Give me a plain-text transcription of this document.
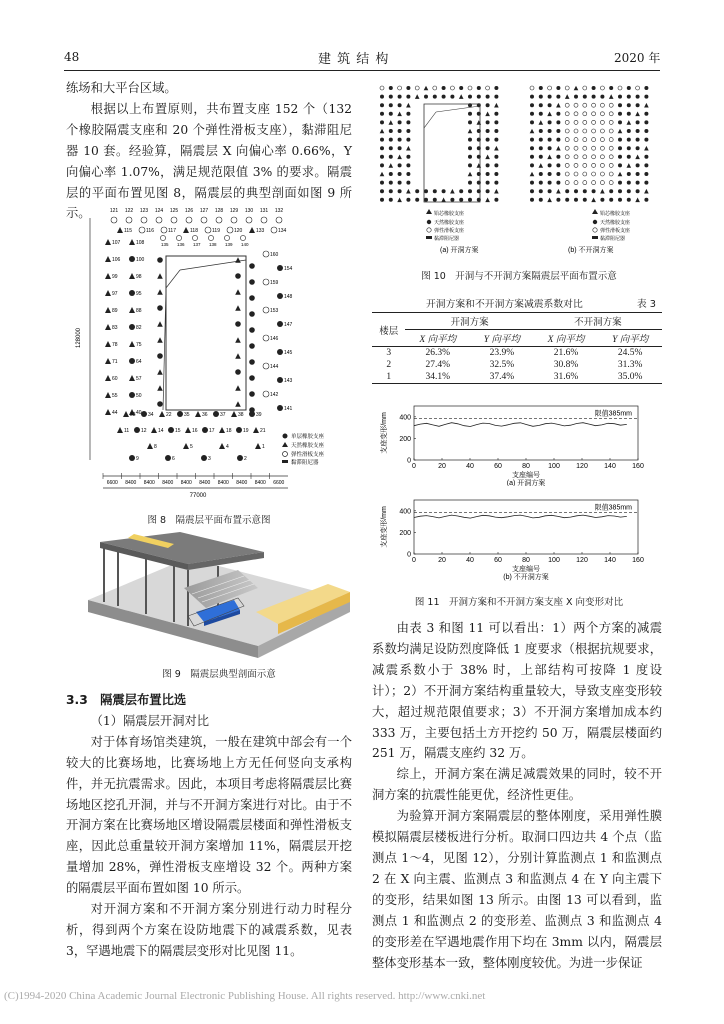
48	建 筑 结 构	2020 年

练场和大平台区域。

根据以上布置原则，共布置支座 152 个（132 个橡胶隔震支座和 20 个弹性滑板支座），黏滞阻尼器 10 套。经验算，隔震层 X 向偏心率 0.66%，Y 向偏心率 1.07%，满足规范限值 3% 的要求。隔震层的平面布置见图 8，隔震层的典型剖面如图 9 所示。

6600 8400 8400 8400 8400 8400 8400 8400 8400 6600
77000
128000
121 122 123 124 125 126 127 128 129 130 131 132
115	116	117	118	119	120	133	134
135 136 137 138 139 140
107	108
106	100
99	98
97	95
89	88
83	82
78	75
71	64
60	57
55	50
44	40
160
154
159
148
153
147
146
145
144
143
142
141
33 34 22 35 36 37 38 39
11 12 14 15 16 17 18 19 21
9
8
6
5
3
4
2
1
单层橡胶支座
天然橡胶支座
弹性滑板支座
黏滞阻尼器
图 8　隔震层平面布置示意图
图 9　隔震层典型剖面示意

3.3　隔震层布置比选

（1）隔震层开洞对比

对于体育场馆类建筑，一般在建筑中部会有一个较大的比赛场地，比赛场地上方无任何竖向支承构件，并无抗震需求。因此，本项目考虑将隔震层比赛场地区挖孔开洞，并与不开洞方案进行对比。由于不开洞方案在比赛场地区增设隔震层楼面和弹性滑板支座，因此总重量较开洞方案增加 11%，隔震层开挖量增加 28%，弹性滑板支座增设 32 个。两种方案的隔震层平面布置如图 10 所示。

对开洞方案和不开洞方案分别进行动力时程分析，得到两个方案在设防地震下的减震系数，见表 3，罕遇地震下的隔震层变形对比见图 11。

铅芯橡胶支座
天然橡胶支座
弹性滑板支座
黏滞阻尼器
铅芯橡胶支座
天然橡胶支座
弹性滑板支座
黏滞阻尼器
(a) 开洞方案	(b) 不开洞方案
图 10　开洞与不开洞方案隔震层平面布置示意
开洞方案和不开洞方案减震系数对比	表 3
楼层	开洞方案		不开洞方案	
	X 向平均	Y 向平均	X 向平均	Y 向平均
3	26.3%	23.9%	21.6%	24.5%
2	27.4%	32.5%	30.8%	31.3%
1	34.1%	37.4%	31.6%	35.0%
0	20	40	60	80	100 120 140 160
0
200
400
限值385mm
支座编号
(a) 开洞方案
支座变形/mm
0	20	40	60	80	100 120 140 160
0
200
400
限值385mm
支座编号
(b) 不开洞方案
支座变形/mm
图 11　开洞方案和不开洞方案支座 X 向变形对比

由表 3 和图 11 可以看出：1）两个方案的减震系数均满足设防烈度降低 1 度要求（根据抗规要求，减震系数小于 38% 时，上部结构可按降 1 度设计）；2）不开洞方案结构重量较大，导致支座变形较大，超过规范限值要求；3）不开洞方案增加成本约 333 万，主要包括土方开挖约 50 万，隔震层楼面约 251 万，隔震支座约 32 万。

综上，开洞方案在满足减震效果的同时，较不开洞方案的抗震性能更优，经济性更佳。

为验算开洞方案隔震层的整体刚度，采用弹性膜模拟隔震层楼板进行分析。取洞口四边共 4 个点（监测点 1～4，见图 12），分别计算监测点 1 和监测点 2 在 X 向主震、监测点 3 和监测点 4 在 Y 向主震下的变形，结果如图 13 所示。由图 13 可以看到，监测点 1 和监测点 2 的变形差、监测点 3 和监测点 4 的变形差在罕遇地震作用下均在 3mm 以内，隔震层整体变形基本一致，整体刚度较优。为进一步保证

(C)1994-2020 China Academic Journal Electronic Publishing House. All rights reserved. http://www.cnki.net
